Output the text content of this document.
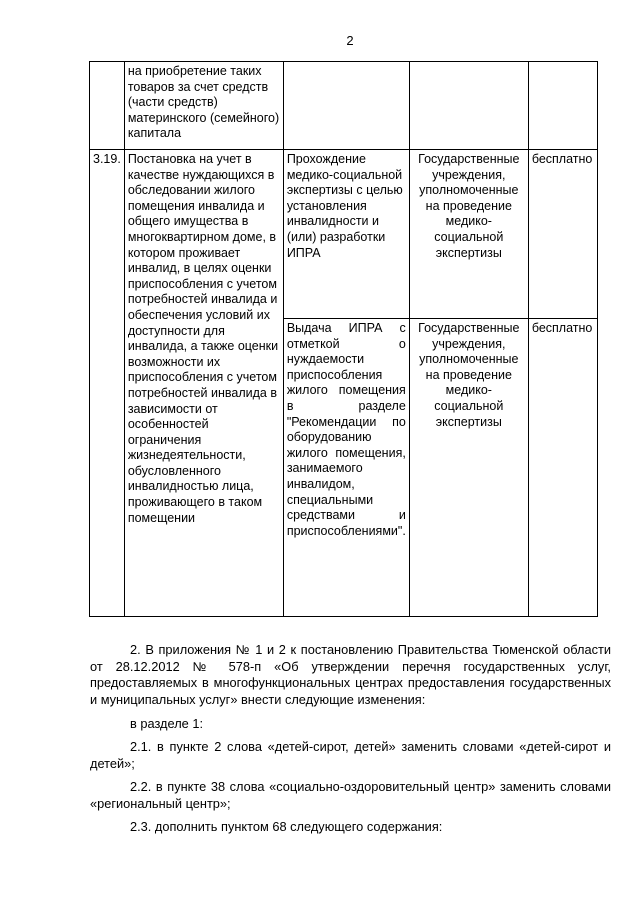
2
	на приобретение таких товаров за счет средств (части средств) материнского (семейного) капитала			
3.19.	Постановка на учет в качестве нуждающихся в обследовании жилого помещения инвалида и общего имущества в многоквартирном доме, в котором проживает инвалид, в целях оценки приспособления с учетом потребностей инвалида и обеспечения условий их доступности для инвалида, а также оценки возможности их приспособления с учетом потребностей инвалида в зависимости от особенностей ограничения жизнедеятельности, обусловленного инвалидностью лица, проживающего в таком помещении	Прохождение медико-социальной экспертизы с целью установления инвалидности и (или) разработки ИПРА	Государственные учреждения, уполномоченные на проведение медико-социальной экспертизы	бесплатно
		Выдача ИПРА с отметкой о нуждаемости приспособления жилого помещения в разделе "Рекомендации по оборудованию жилого помещения, занимаемого инвалидом, специальными средствами и приспособлениями".	Государственные учреждения, уполномоченные на проведение медико-социальной экспертизы	бесплатно

2. В приложения № 1 и 2 к постановлению Правительства Тюменской области от 28.12.2012 № 578-п «Об утверждении перечня государственных услуг, предоставляемых в многофункциональных центрах предоставления государственных и муниципальных услуг» внести следующие изменения:

в разделе 1:

2.1. в пункте 2 слова «детей-сирот, детей» заменить словами «детей-сирот и детей»;

2.2. в пункте 38 слова «социально-оздоровительный центр» заменить словами «региональный центр»;

2.3. дополнить пунктом 68 следующего содержания:
